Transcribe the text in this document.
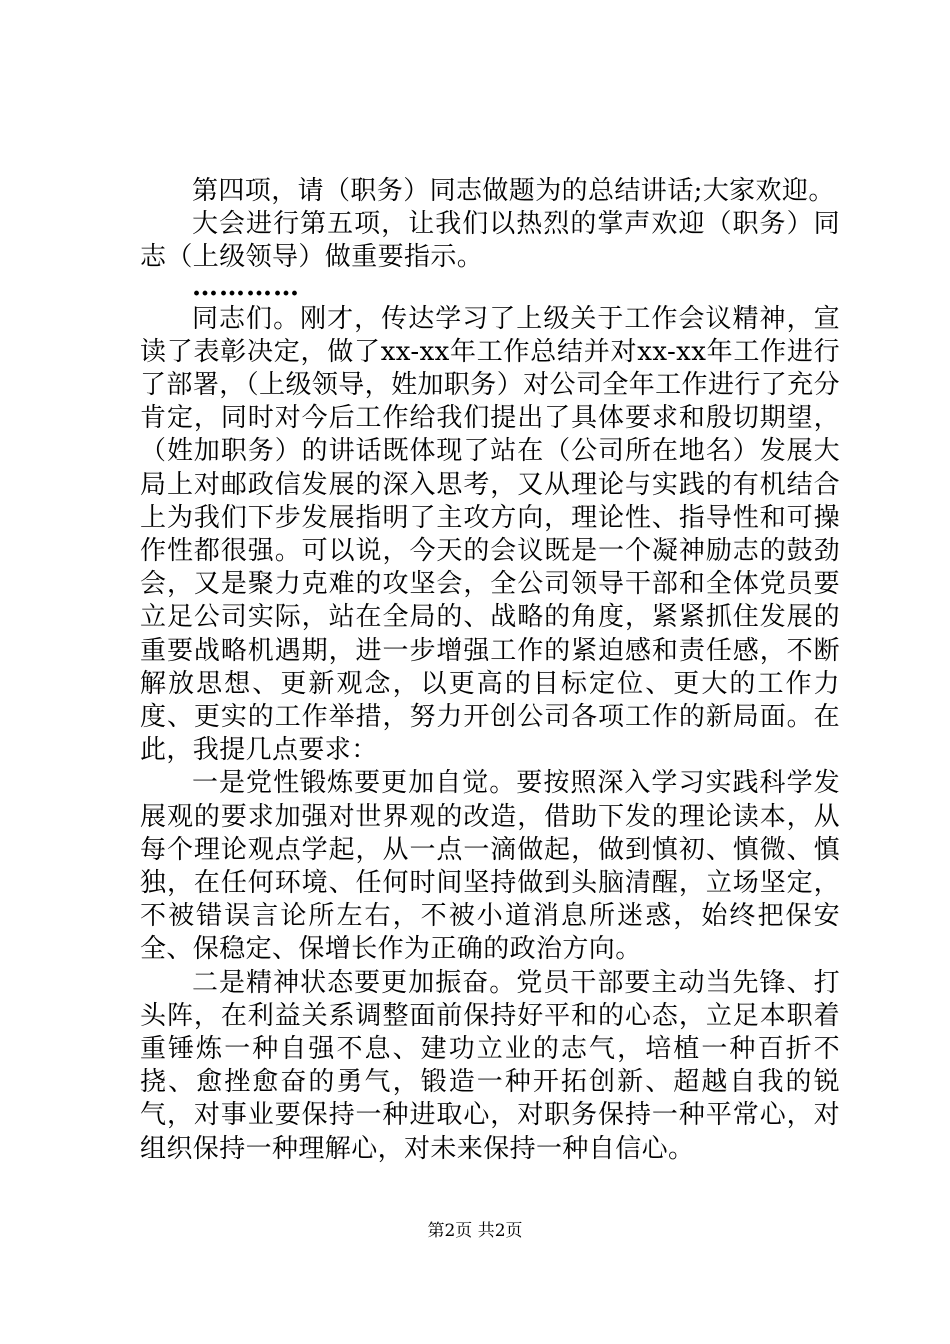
第四项，请（职务）同志做题为的总结讲话;大家欢迎。

大会进行第五项，让我们以热烈的掌声欢迎（职务）同志（上级领导）做重要指示。

…………

同志们。刚才，传达学习了上级关于工作会议精神，宣读了表彰决定，做了xx-xx年工作总结并对xx-xx年工作进行了部署，（上级领导，姓加职务）对公司全年工作进行了充分肯定，同时对今后工作给我们提出了具体要求和殷切期望，（姓加职务）的讲话既体现了站在（公司所在地名）发展大局上对邮政信发展的深入思考，又从理论与实践的有机结合上为我们下步发展指明了主攻方向，理论性、指导性和可操作性都很强。可以说，今天的会议既是一个凝神励志的鼓劲会，又是聚力克难的攻坚会，全公司领导干部和全体党员要立足公司实际，站在全局的、战略的角度，紧紧抓住发展的重要战略机遇期，进一步增强工作的紧迫感和责任感，不断解放思想、更新观念，以更高的目标定位、更大的工作力度、更实的工作举措，努力开创公司各项工作的新局面。在此，我提几点要求：

一是党性锻炼要更加自觉。要按照深入学习实践科学发展观的要求加强对世界观的改造，借助下发的理论读本，从每个理论观点学起，从一点一滴做起，做到慎初、慎微、慎独，在任何环境、任何时间坚持做到头脑清醒，立场坚定，不被错误言论所左右，不被小道消息所迷惑，始终把保安全、保稳定、保增长作为正确的政治方向。

二是精神状态要更加振奋。党员干部要主动当先锋、打头阵，在利益关系调整面前保持好平和的心态，立足本职着重锤炼一种自强不息、建功立业的志气，培植一种百折不挠、愈挫愈奋的勇气，锻造一种开拓创新、超越自我的锐气，对事业要保持一种进取心，对职务保持一种平常心，对组织保持一种理解心，对未来保持一种自信心。

第2页 共2页
